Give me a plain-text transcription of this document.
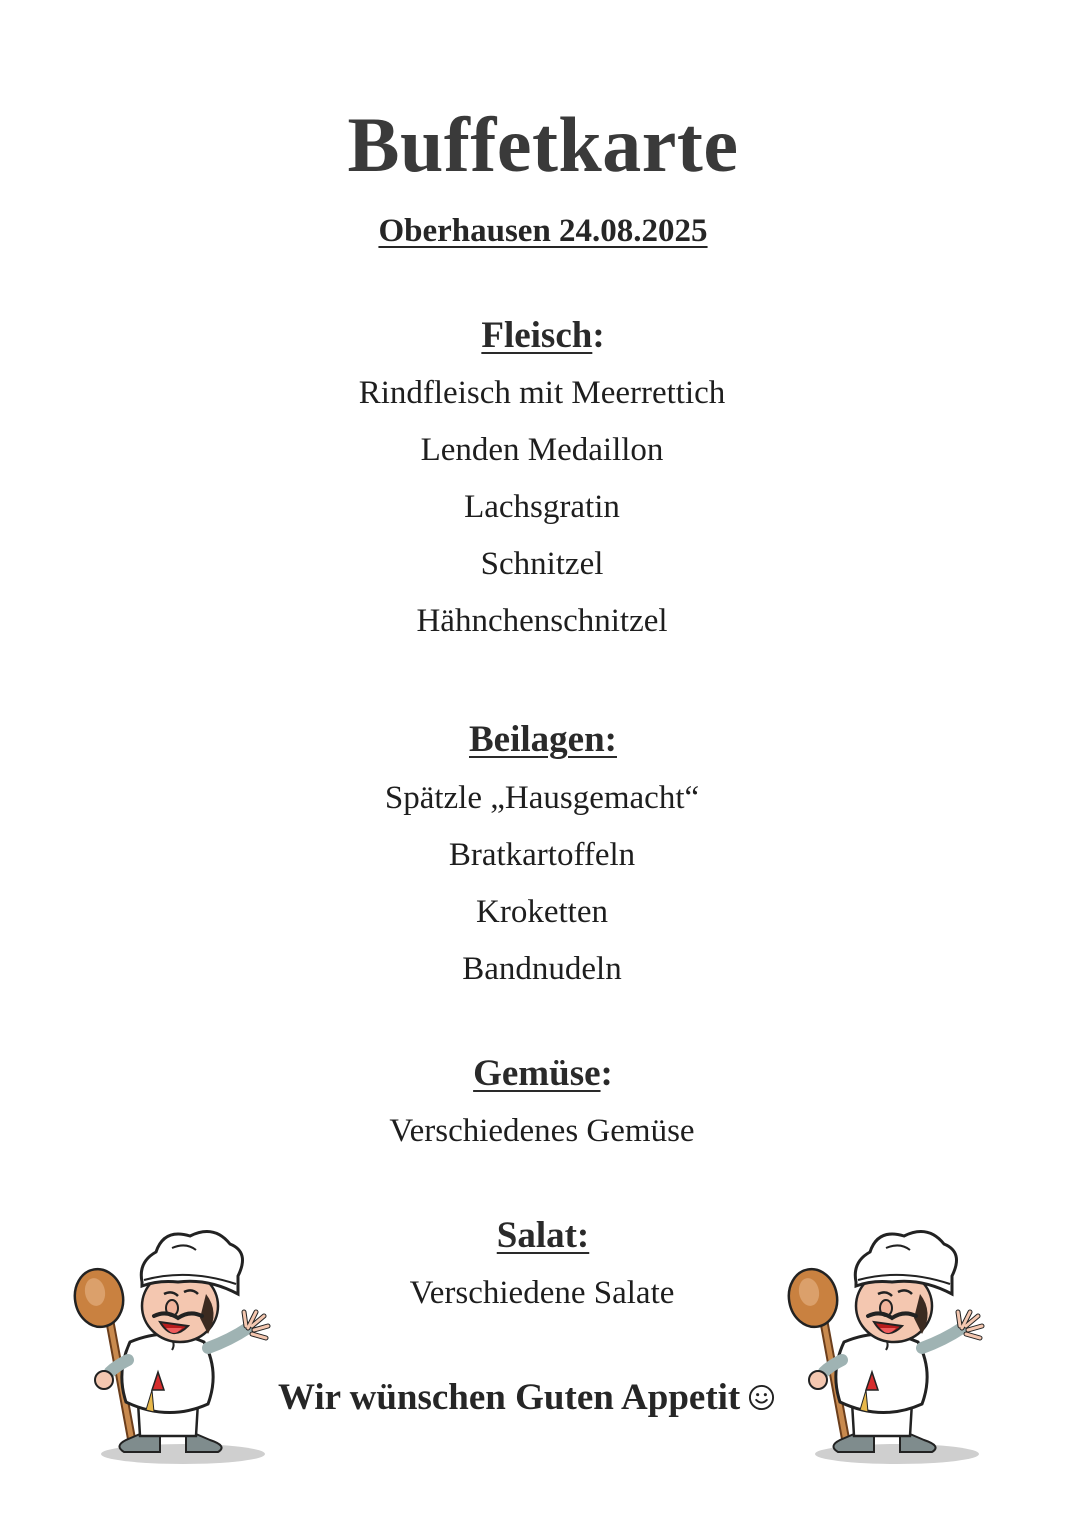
Buffetkarte
Oberhausen 24.08.2025
Fleisch:
Rindfleisch mit Meerrettich
Lenden Medaillon
Lachsgratin
Schnitzel
Hähnchenschnitzel
Beilagen:
Spätzle „Hausgemacht“
Bratkartoffeln
Kroketten
Bandnudeln
Gemüse:
Verschiedenes Gemüse
Salat:
Verschiedene Salate
Wir wünschen Guten Appetit
